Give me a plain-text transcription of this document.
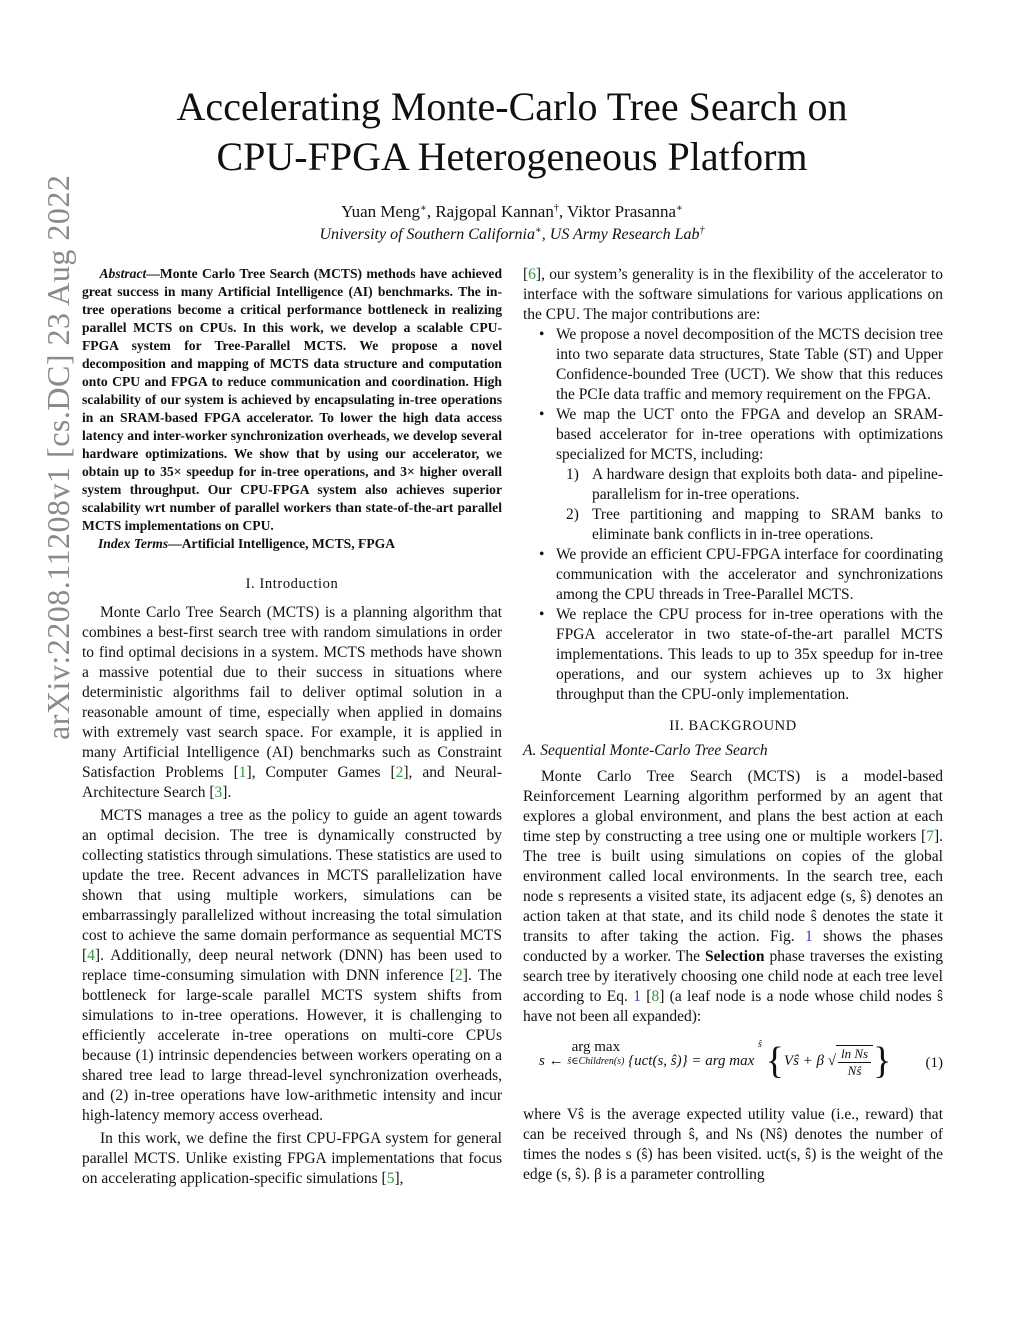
arXiv:2208.11208v1 [cs.DC] 23 Aug 2022
Accelerating Monte-Carlo Tree Search on
CPU-FPGA Heterogeneous Platform
Yuan Meng∗, Rajgopal Kannan†, Viktor Prasanna∗
University of Southern California∗, US Army Research Lab†

Abstract—Monte Carlo Tree Search (MCTS) methods have achieved great success in many Artificial Intelligence (AI) benchmarks. The in-tree operations become a critical performance bottleneck in realizing parallel MCTS on CPUs. In this work, we develop a scalable CPU-FPGA system for Tree-Parallel MCTS. We propose a novel decomposition and mapping of MCTS data structure and computation onto CPU and FPGA to reduce communication and coordination. High scalability of our system is achieved by encapsulating in-tree operations in an SRAM-based FPGA accelerator. To lower the high data access latency and inter-worker synchronization overheads, we develop several hardware optimizations. We show that by using our accelerator, we obtain up to 35× speedup for in-tree operations, and 3× higher overall system throughput. Our CPU-FPGA system also achieves superior scalability wrt number of parallel workers than state-of-the-art parallel MCTS implementations on CPU.

Index Terms—Artificial Intelligence, MCTS, FPGA

I. Introduction

Monte Carlo Tree Search (MCTS) is a planning algorithm that combines a best-first search tree with random simulations in order to find optimal decisions in a system. MCTS methods have shown a massive potential due to their success in situations where deterministic algorithms fail to deliver optimal solution in a reasonable amount of time, especially when applied in domains with extremely vast search space. For example, it is applied in many Artificial Intelligence (AI) benchmarks such as Constraint Satisfaction Problems [1], Computer Games [2], and Neural-Architecture Search [3].

MCTS manages a tree as the policy to guide an agent towards an optimal decision. The tree is dynamically constructed by collecting statistics through simulations. These statistics are used to update the tree. Recent advances in MCTS parallelization have shown that using multiple workers, simulations can be embarrassingly parallelized without increasing the total simulation cost to achieve the same domain performance as sequential MCTS [4]. Additionally, deep neural network (DNN) has been used to replace time-consuming simulation with DNN inference [2]. The bottleneck for large-scale parallel MCTS system shifts from simulations to in-tree operations. However, it is challenging to efficiently accelerate in-tree operations on multi-core CPUs because (1) intrinsic dependencies between workers operating on a shared tree lead to large thread-level synchronization overheads, and (2) in-tree operations have low-arithmetic intensity and incur high-latency memory access overhead.

In this work, we define the first CPU-FPGA system for general parallel MCTS. Unlike existing FPGA implementations that focus on accelerating application-specific simulations [5],

[6], our system’s generality is in the flexibility of the accelerator to interface with the software simulations for various applications on the CPU. The major contributions are:

• We propose a novel decomposition of the MCTS decision tree into two separate data structures, State Table (ST) and Upper Confidence-bounded Tree (UCT). We show that this reduces the PCIe data traffic and memory requirement on the FPGA.
• We map the UCT onto the FPGA and develop an SRAM-based accelerator for in-tree operations with optimizations specialized for MCTS, including:
1) A hardware design that exploits both data- and pipeline-parallelism for in-tree operations.
2) Tree partitioning and mapping to SRAM banks to eliminate bank conflicts in in-tree operations.
• We provide an efficient CPU-FPGA interface for coordinating communication with the accelerator and synchronizations among the CPU threads in Tree-Parallel MCTS.
• We replace the CPU process for in-tree operations with the FPGA accelerator in two state-of-the-art parallel MCTS implementations. This leads to up to 35x speedup for in-tree operations, and our system achieves up to 3x higher throughput than the CPU-only implementation.
II. BACKGROUND
A. Sequential Monte-Carlo Tree Search

Monte Carlo Tree Search (MCTS) is a model-based Reinforcement Learning algorithm performed by an agent that explores a global environment, and plans the best action at each time step by constructing a tree using one or multiple workers [7]. The tree is built using simulations on copies of the global environment called local environments. In the search tree, each node s represents a visited state, its adjacent edge (s, ŝ) denotes an action taken at that state, and its child node ŝ denotes the state it transits to after taking the action. Fig. 1 shows the phases conducted by a worker. The Selection phase traverses the existing search tree by iteratively choosing one child node at each tree level according to Eq. 1 [8] (a leaf node is a node whose child nodes ŝ have not been all expanded):

s ← arg max
ŝ∈Children(s) {uct(s, ŝ)} = arg max
ŝ {Vŝ + β √ $\frac{\text{ln Ns}}{Nŝ}$ } (1)

where Vŝ is the average expected utility value (i.e., reward) that can be received through ŝ, and Ns (Nŝ) denotes the number of times the nodes s (ŝ) has been visited. uct(s, ŝ) is the weight of the edge (s, ŝ). β is a parameter controlling
